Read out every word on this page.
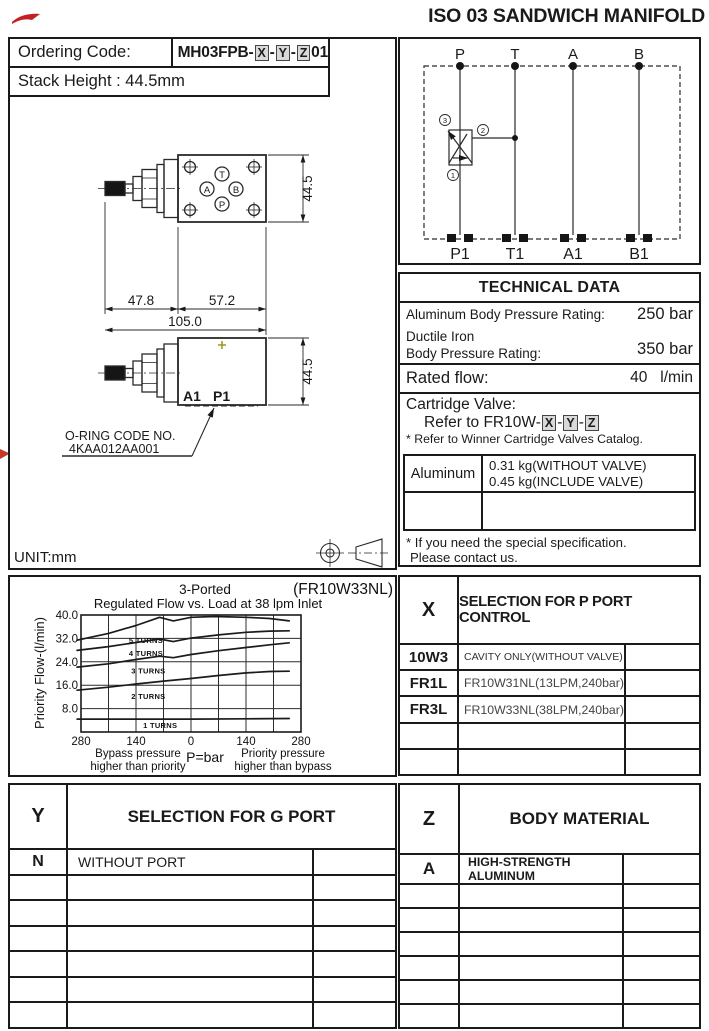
ISO 03 SANDWICH MANIFOLD
Ordering Code:	MH03FPB- X - Y - Z 01
Stack Height : 44.5mm
T
A B
P
47.8	57.2
105.0
44.5
44.5
A1 P1
O-RING CODE NO.
4KAA012AA001
UNIT:mm
P	T	A	B
P1 T1 A1	B1
3
2
1
TECHNICAL DATA
Aluminum Body Pressure Rating: 250 bar
Ductile Iron
Body Pressure Rating:	350 bar
Rated flow:	40 l/min
Cartridge Valve:
Refer to FR10W- X - Y - Z
* Refer to Winner Cartridge Valves Catalog.
Aluminum
0.31 kg(WITHOUT VALVE)
0.45 kg(INCLUDE VALVE)
* If you need the special specification.
Please contact us.
5 TURNS
4 TURNS
3 TURNS
2 TURNS
1 TURNS
280	140	0	140	280
40.0
32.0
24.0
16.0
8.0
3-Ported	(FR10W33NL)
Regulated Flow vs. Load at 38 lpm Inlet
P=bar
Priority Flow-(l/min)
Bypass pressure
higher than priority
Priority pressure
higher than bypass
X	SELECTION FOR P PORT CONTROL
10W3	CAVITY ONLY(WITHOUT VALVE)
FR1L	FR10W31NL(13LPM,240bar)
FR3L	FR10W33NL(38LPM,240bar)
Y	SELECTION FOR G PORT
N	WITHOUT PORT
Z	BODY MATERIAL
A	HIGH-STRENGTH ALUMINUM
